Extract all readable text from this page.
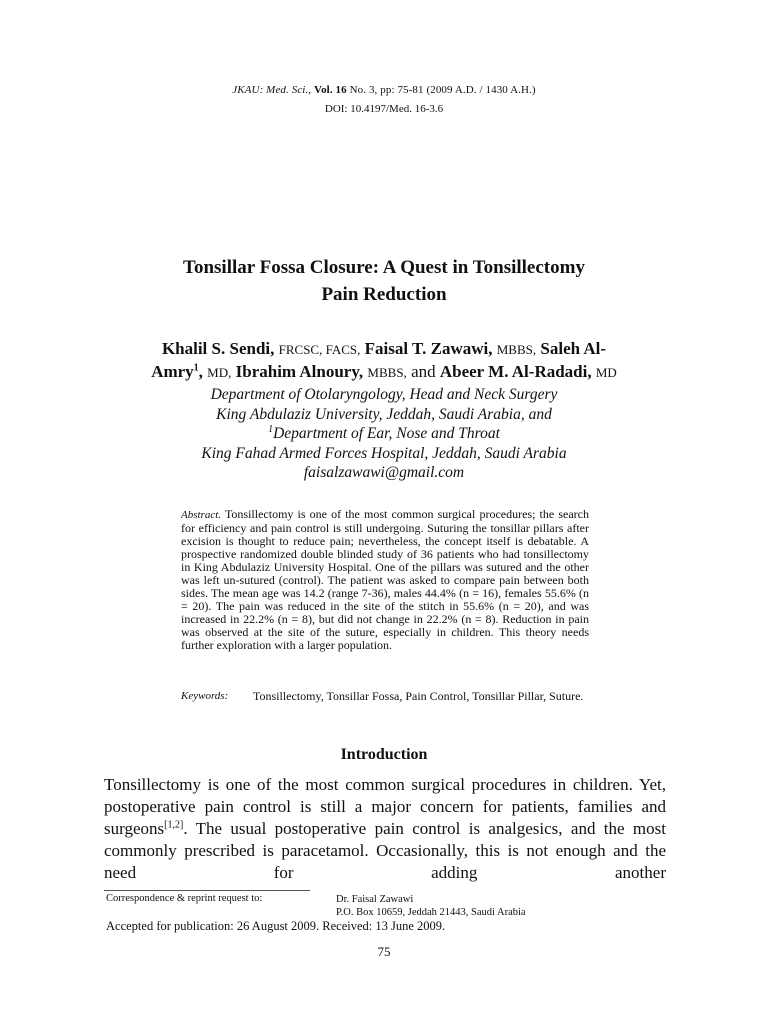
JKAU: Med. Sci., Vol. 16 No. 3, pp: 75-81 (2009 A.D. / 1430 A.H.)
DOI: 10.4197/Med. 16-3.6
Tonsillar Fossa Closure: A Quest in Tonsillectomy
Pain Reduction
Khalil S. Sendi, FRCSC, FACS, Faisal T. Zawawi, MBBS, Saleh Al-
Amry$^1$, MD, Ibrahim Alnoury, MBBS, and Abeer M. Al-Radadi, MD
Department of Otolaryngology, Head and Neck Surgery
King Abdulaziz University, Jeddah, Saudi Arabia, and
$^1$Department of Ear, Nose and Throat
King Fahad Armed Forces Hospital, Jeddah, Saudi Arabia
faisalzawawi@gmail.com
Abstract. Tonsillectomy is one of the most common surgical procedures; the search for efficiency and pain control is still undergoing. Suturing the tonsillar pillars after excision is thought to reduce pain; nevertheless, the concept itself is debatable. A prospective randomized double blinded study of 36 patients who had tonsillectomy in King Abdulaziz University Hospital. One of the pillars was sutured and the other was left un-sutured (control). The patient was asked to compare pain between both sides. The mean age was 14.2 (range 7-36), males 44.4% (n = 16), females 55.6% (n = 20). The pain was reduced in the site of the stitch in 55.6% (n = 20), and was increased in 22.2% (n = 8), but did not change in 22.2% (n = 8). Reduction in pain was observed at the site of the suture, especially in children. This theory needs further exploration with a larger population.
Keywords: Tonsillectomy, Tonsillar Fossa, Pain Control, Tonsillar Pillar, Suture.
Introduction
Tonsillectomy is one of the most common surgical procedures in children. Yet, postoperative pain control is still a major concern for patients, families and surgeons[1,2]. The usual postoperative pain control is analgesics, and the most commonly prescribed is paracetamol. Occasionally, this is not enough and the need for adding another
Correspondence & reprint request to:	Dr. Faisal Zawawi
P.O. Box 10659, Jeddah 21443, Saudi Arabia
Accepted for publication: 26 August 2009. Received: 13 June 2009.
75
